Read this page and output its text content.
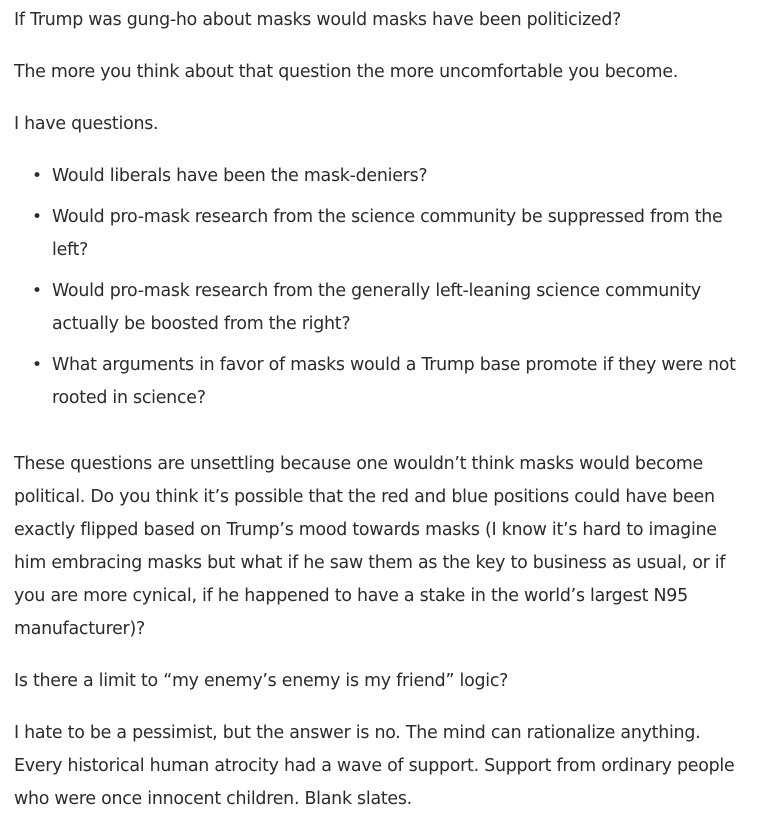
If Trump was gung-ho about masks would masks have been politicized?

The more you think about that question the more uncomfortable you become.

I have questions.

• Would liberals have been the mask-deniers?
• Would pro-mask research from the science community be suppressed from the left?
• Would pro-mask research from the generally left-leaning science community actually be boosted from the right?
• What arguments in favor of masks would a Trump base promote if they were not rooted in science?

These questions are unsettling because one wouldn’t think masks would become political. Do you think it’s possible that the red and blue positions could have been exactly flipped based on Trump’s mood towards masks (I know it’s hard to imagine him embracing masks but what if he saw them as the key to business as usual, or if you are more cynical, if he happened to have a stake in the world’s largest N95 manufacturer)?

Is there a limit to “my enemy’s enemy is my friend” logic?

I hate to be a pessimist, but the answer is no. The mind can rationalize anything. Every historical human atrocity had a wave of support. Support from ordinary people who were once innocent children. Blank slates.
